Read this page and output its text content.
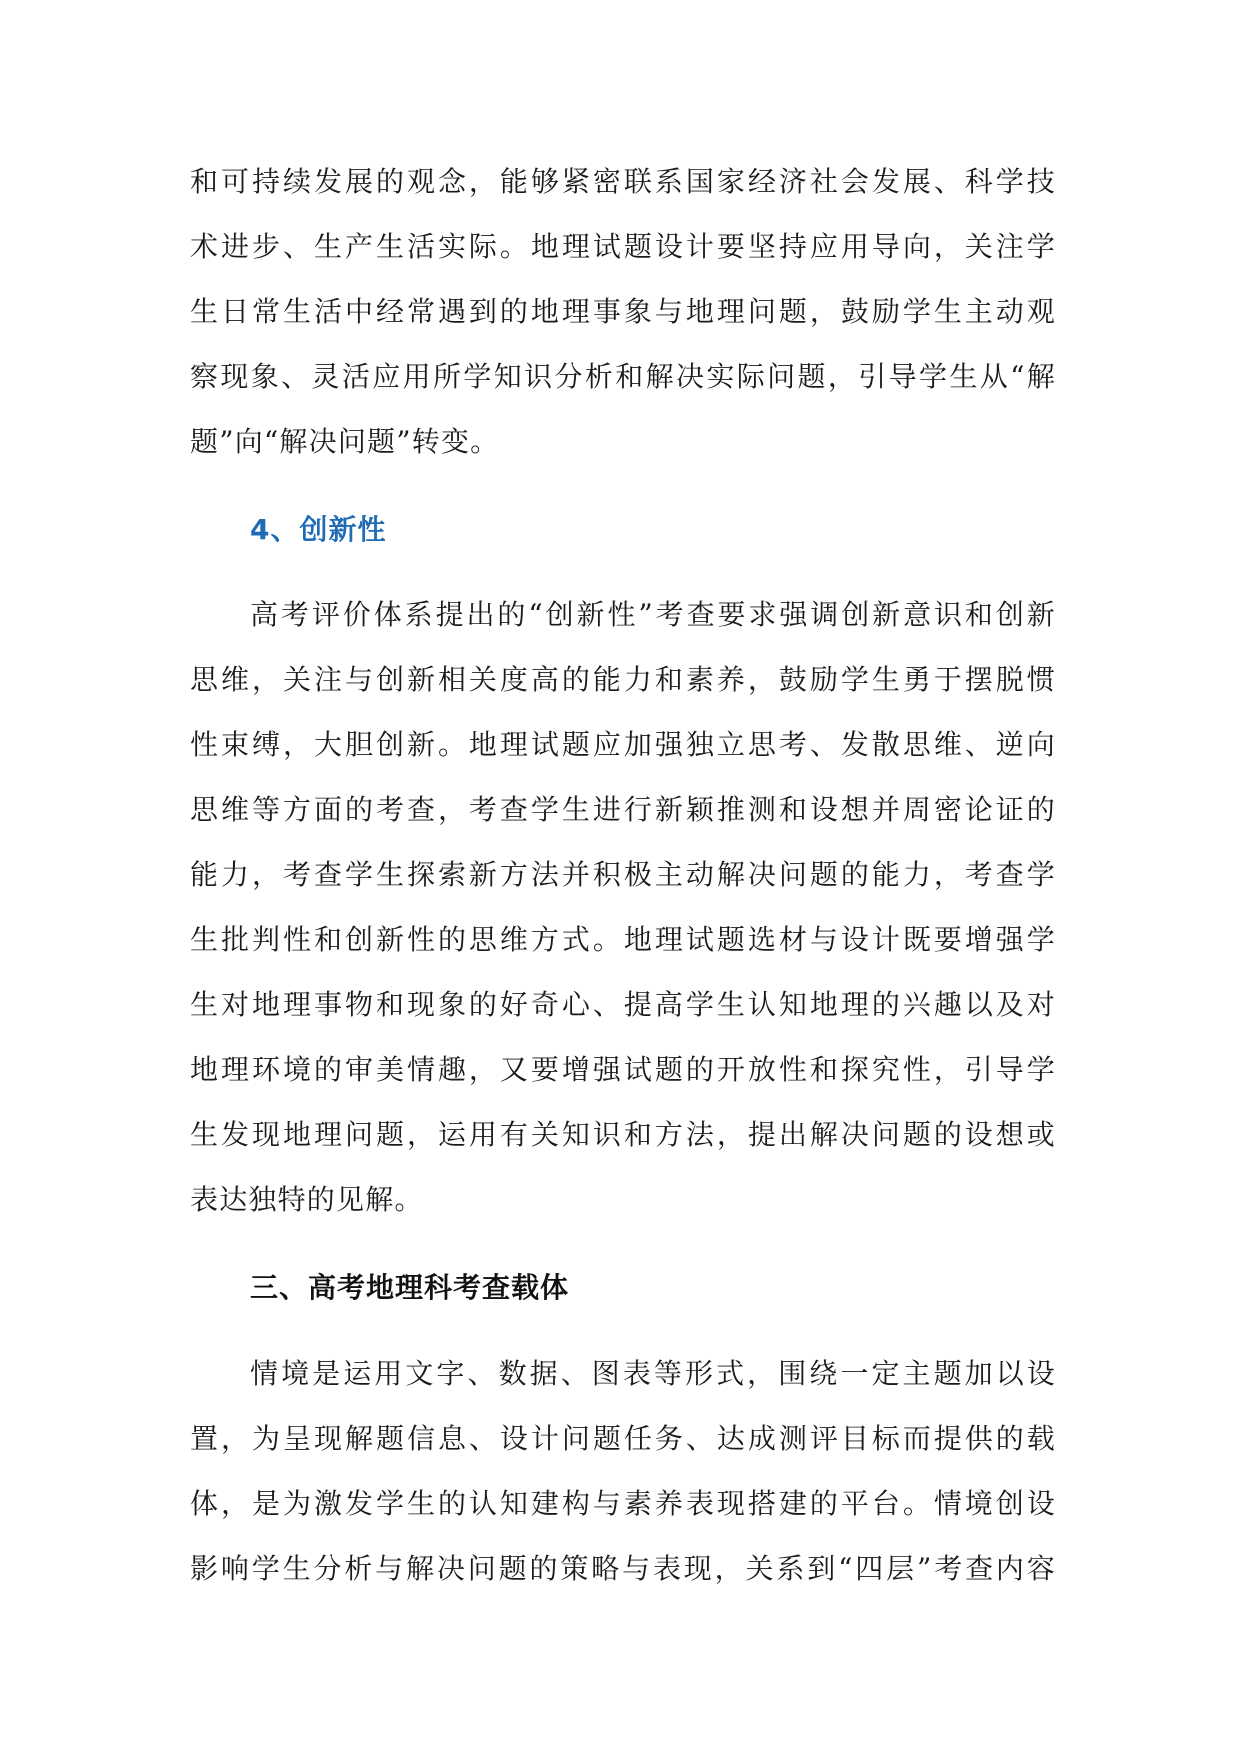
和可持续发展的观念，能够紧密联系国家经济社会发展、科学技
术进步、生产生活实际。地理试题设计要坚持应用导向，关注学
生日常生活中经常遇到的地理事象与地理问题，鼓励学生主动观
察现象、灵活应用所学知识分析和解决实际问题，引导学生从“解
题”向“解决问题”转变。
4、创新性
高考评价体系提出的“创新性”考查要求强调创新意识和创新
思维，关注与创新相关度高的能力和素养，鼓励学生勇于摆脱惯
性束缚，大胆创新。地理试题应加强独立思考、发散思维、逆向
思维等方面的考查，考查学生进行新颖推测和设想并周密论证的
能力，考查学生探索新方法并积极主动解决问题的能力，考查学
生批判性和创新性的思维方式。地理试题选材与设计既要增强学
生对地理事物和现象的好奇心、提高学生认知地理的兴趣以及对
地理环境的审美情趣，又要增强试题的开放性和探究性，引导学
生发现地理问题，运用有关知识和方法，提出解决问题的设想或
表达独特的见解。
三、高考地理科考查载体
情境是运用文字、数据、图表等形式，围绕一定主题加以设
置，为呈现解题信息、设计问题任务、达成测评目标而提供的载
体，是为激发学生的认知建构与素养表现搭建的平台。情境创设
影响学生分析与解决问题的策略与表现，关系到“四层”考查内容
